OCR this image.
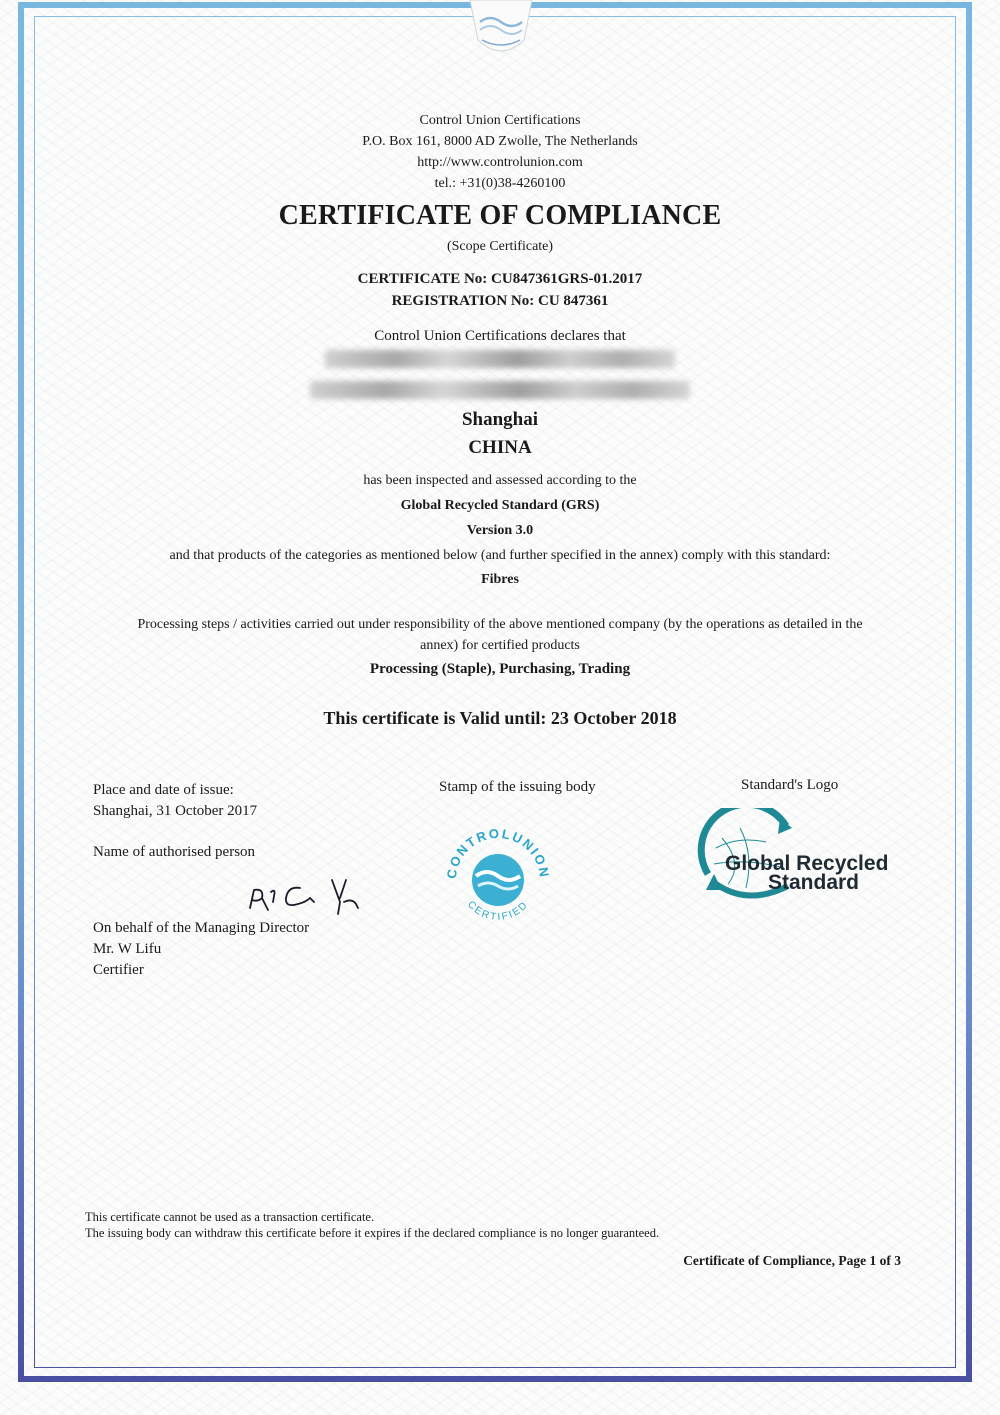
Control Union Certifications
P.O. Box 161, 8000 AD Zwolle, The Netherlands
http://www.controlunion.com
tel.: +31(0)38-4260100
CERTIFICATE OF COMPLIANCE
(Scope Certificate)
CERTIFICATE No: CU847361GRS-01.2017
REGISTRATION No: CU 847361
Control Union Certifications declares that
Shanghai
CHINA
has been inspected and assessed according to the
Global Recycled Standard (GRS)
Version 3.0
and that products of the categories as mentioned below (and further specified in the annex) comply with this standard:
Fibres
Processing steps / activities carried out under responsibility of the above mentioned company (by the operations as detailed in the
annex) for certified products
Processing (Staple), Purchasing, Trading
This certificate is Valid until: 23 October 2018
Place and date of issue:
Shanghai, 31 October 2017
Name of authorised person
On behalf of the Managing Director
Mr. W Lifu
Certifier
Stamp of the issuing body
CONTROLUNION
CERTIFIED
Standard's Logo
Global Recycled
Standard
This certificate cannot be used as a transaction certificate.
The issuing body can withdraw this certificate before it expires if the declared compliance is no longer guaranteed.
Certificate of Compliance, Page 1 of 3
